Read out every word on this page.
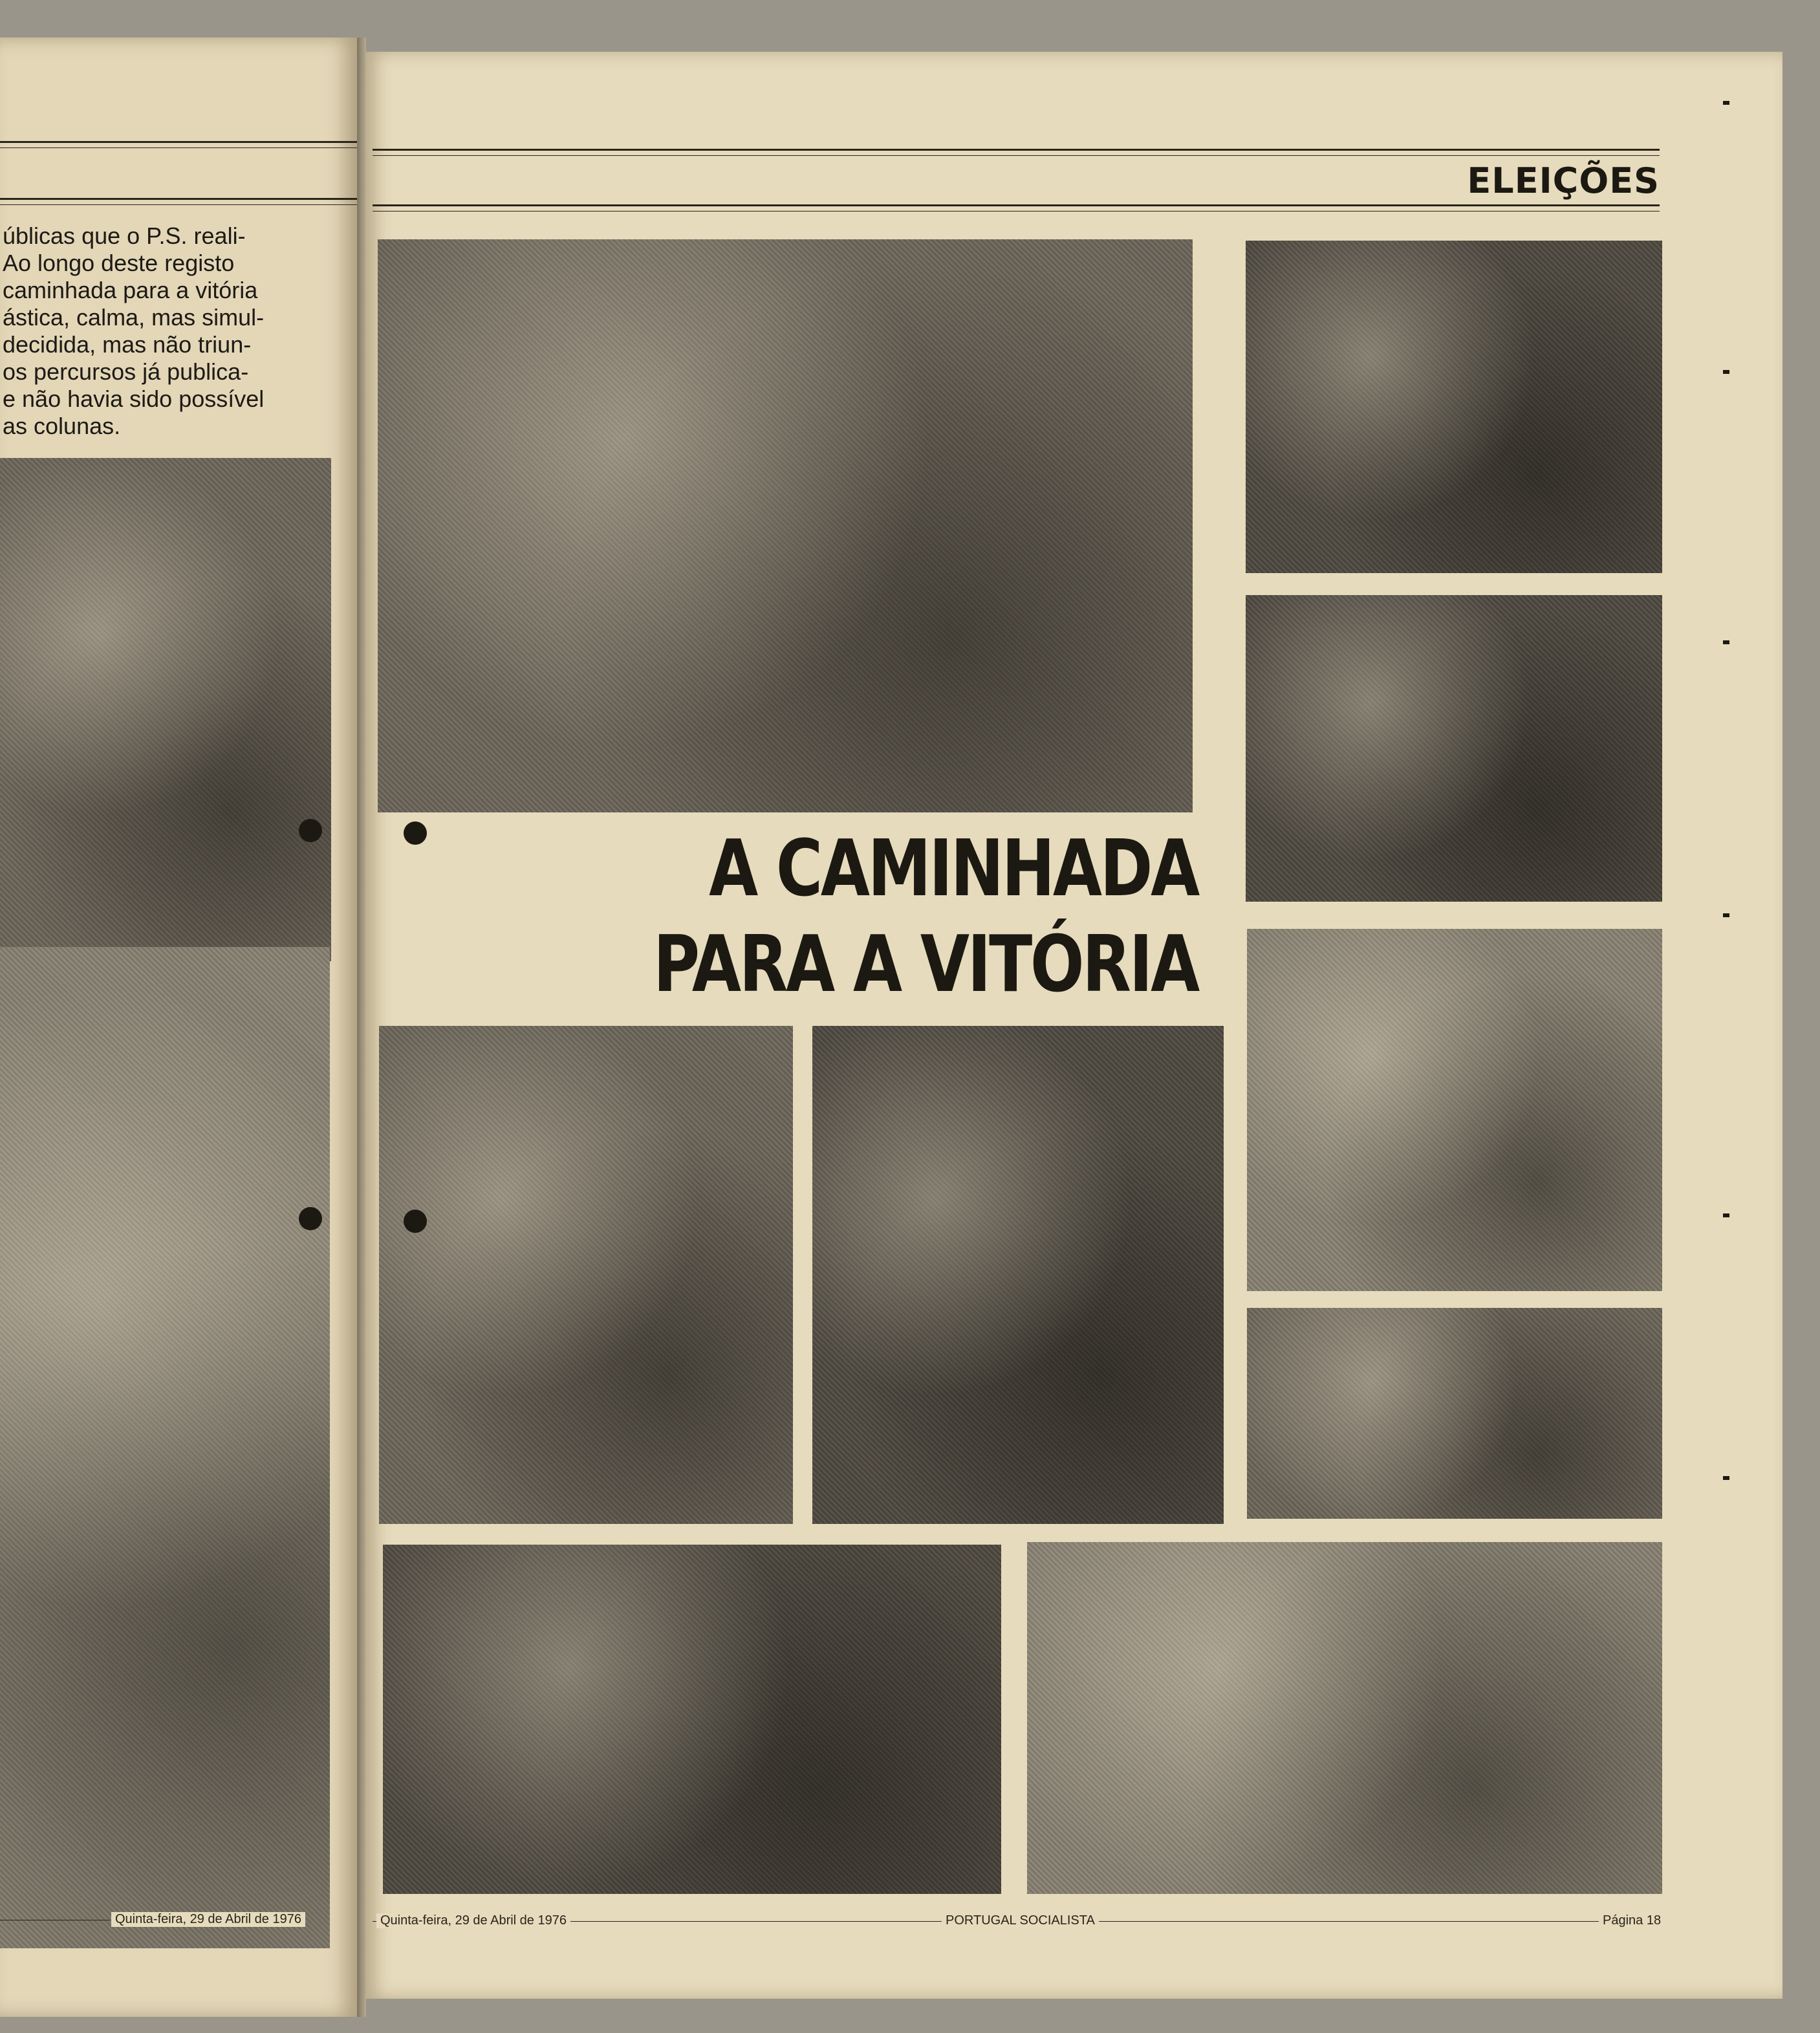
úblicas que o P.S. reali-
Ao longo deste registo
caminhada para a vitória
ástica, calma, mas simul-
decidida, mas não triun-
os percursos já publica-
e não havia sido possível
as colunas.
Quinta-feira, 29 de Abril de 1976
ELEIÇÕES
A CAMINHADA
PARA A VITÓRIA
Quinta-feira, 29 de Abril de 1976	PORTUGAL SOCIALISTA	Página 18
